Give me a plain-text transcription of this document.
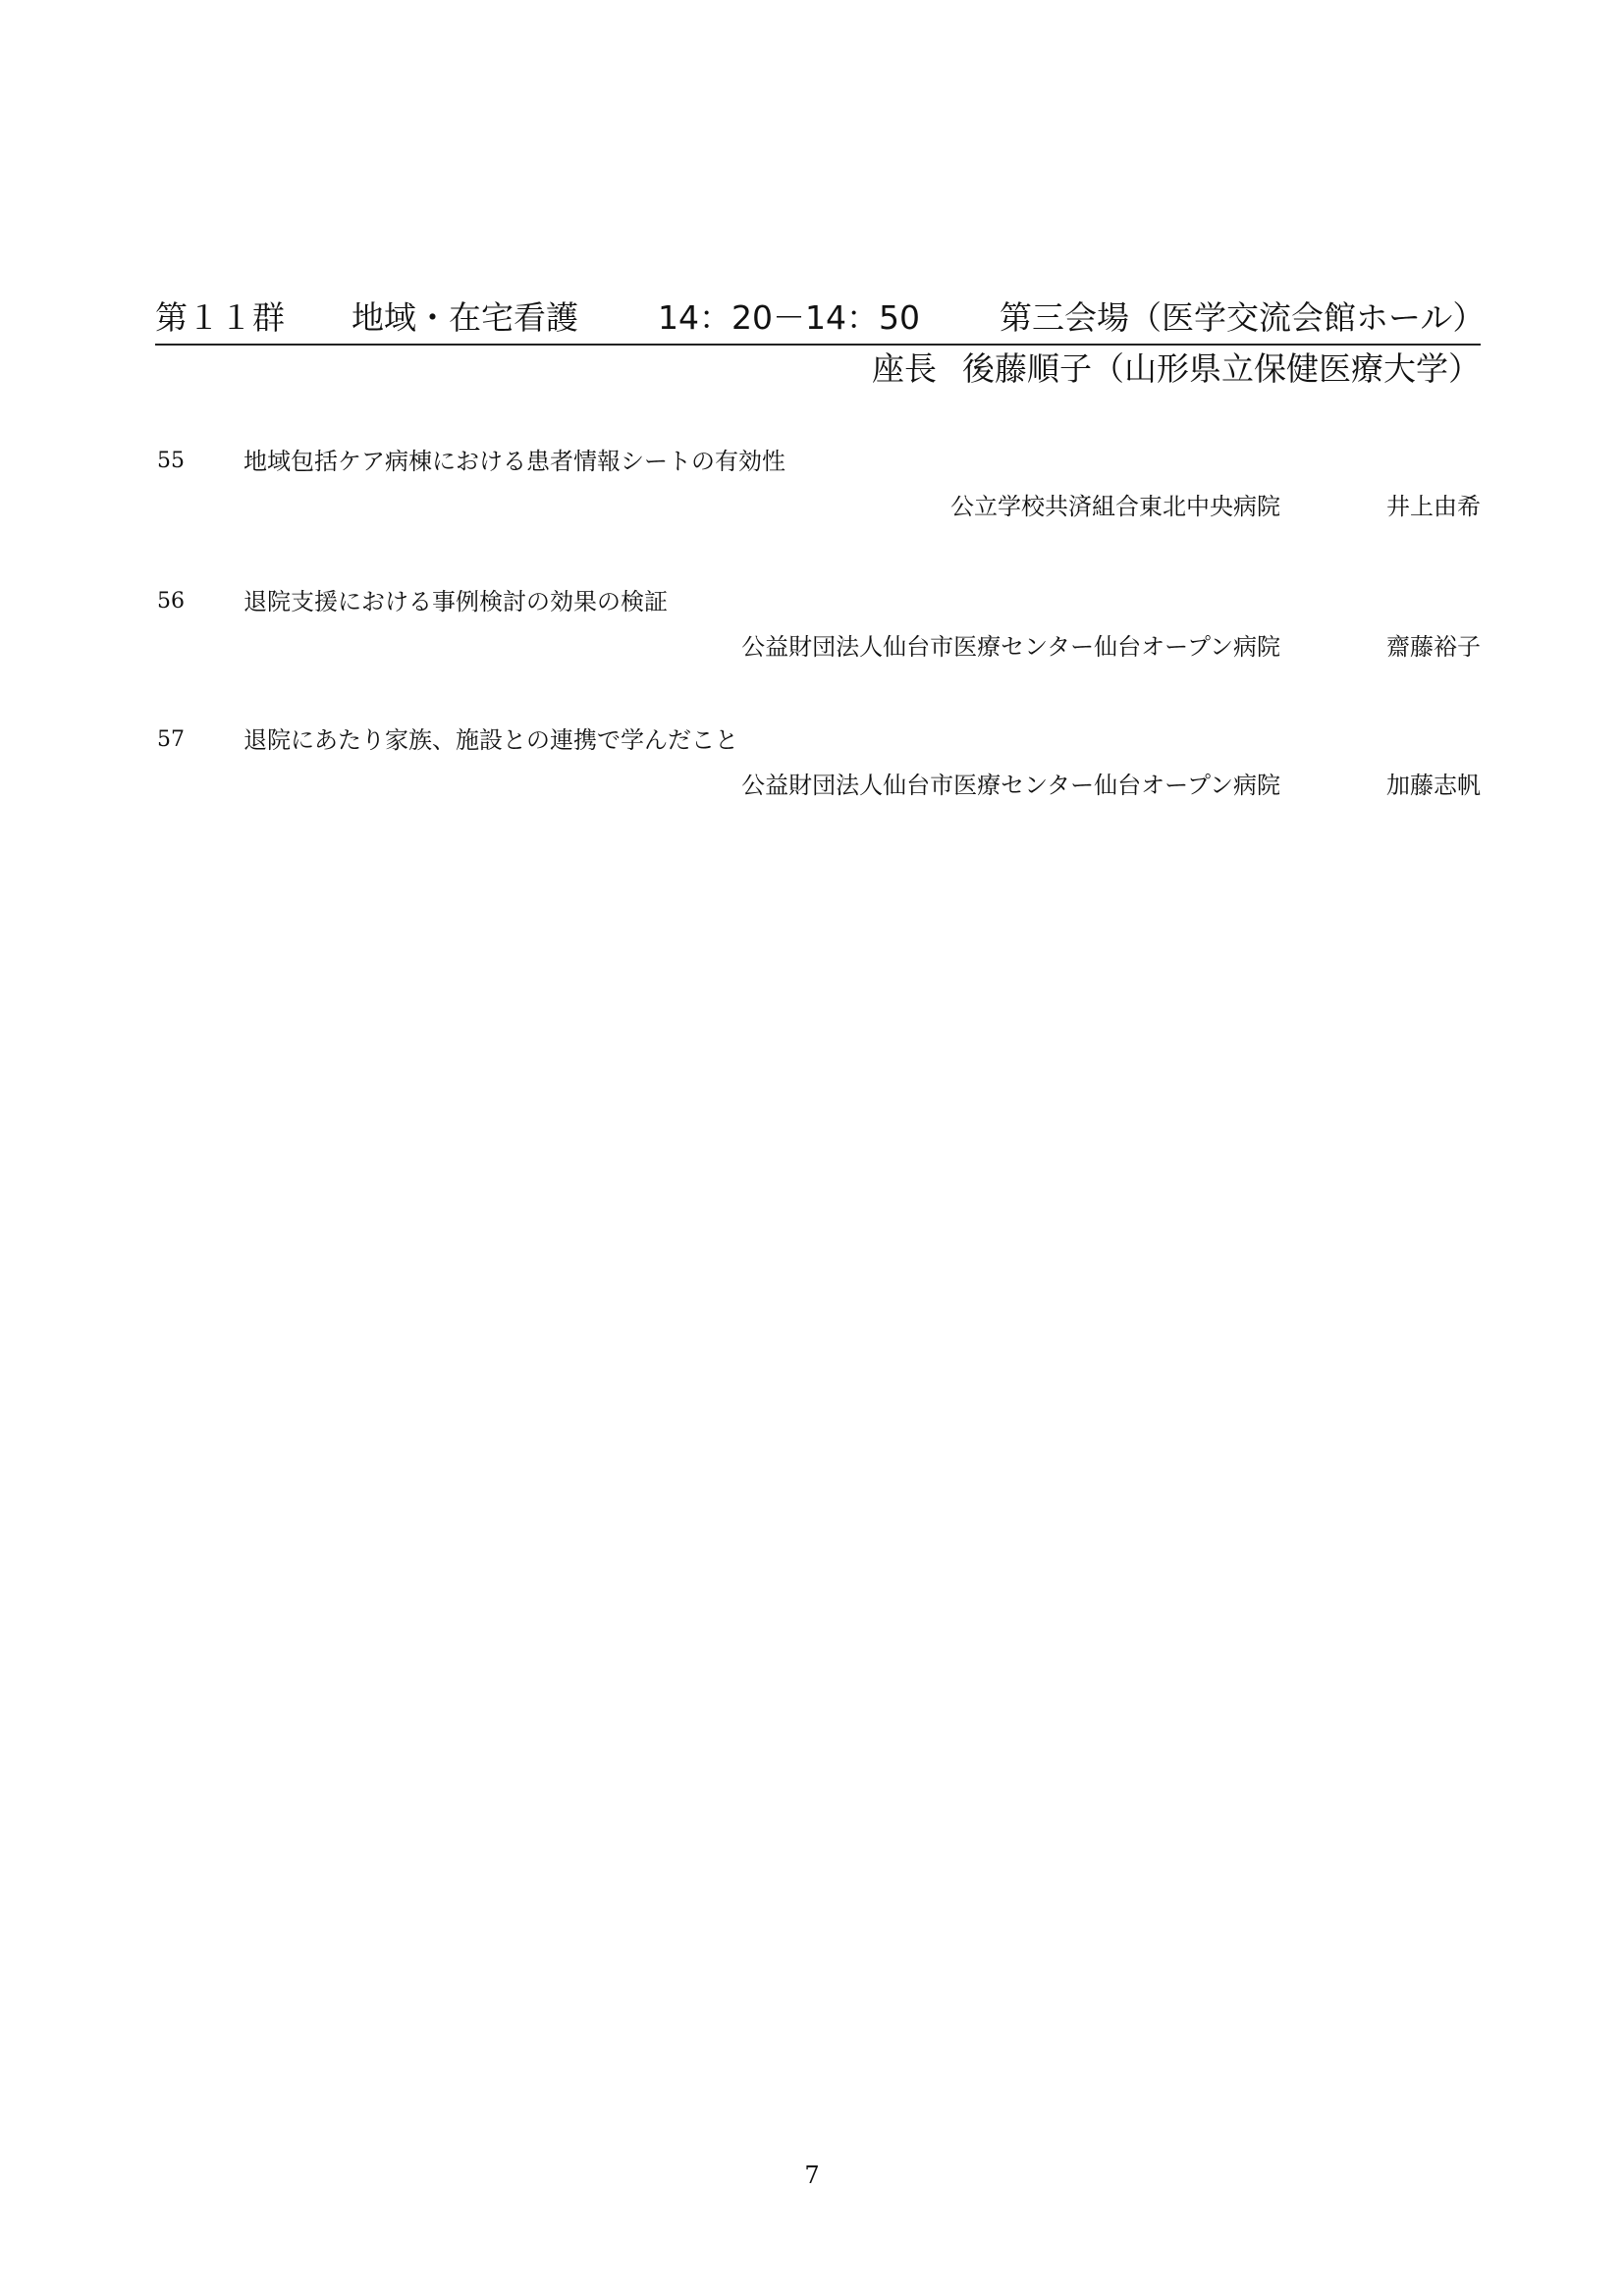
第１１群 地域・在宅看護 14：20－14：50 第三会場（医学交流会館ホール）
座長 後藤順子（山形県立保健医療大学）
55	地域包括ケア病棟における患者情報シートの有効性
公立学校共済組合東北中央病院	井上由希
56	退院支援における事例検討の効果の検証
公益財団法人仙台市医療センター仙台オープン病院	齋藤裕子
57	退院にあたり家族、施設との連携で学んだこと
公益財団法人仙台市医療センター仙台オープン病院	加藤志帆
7
